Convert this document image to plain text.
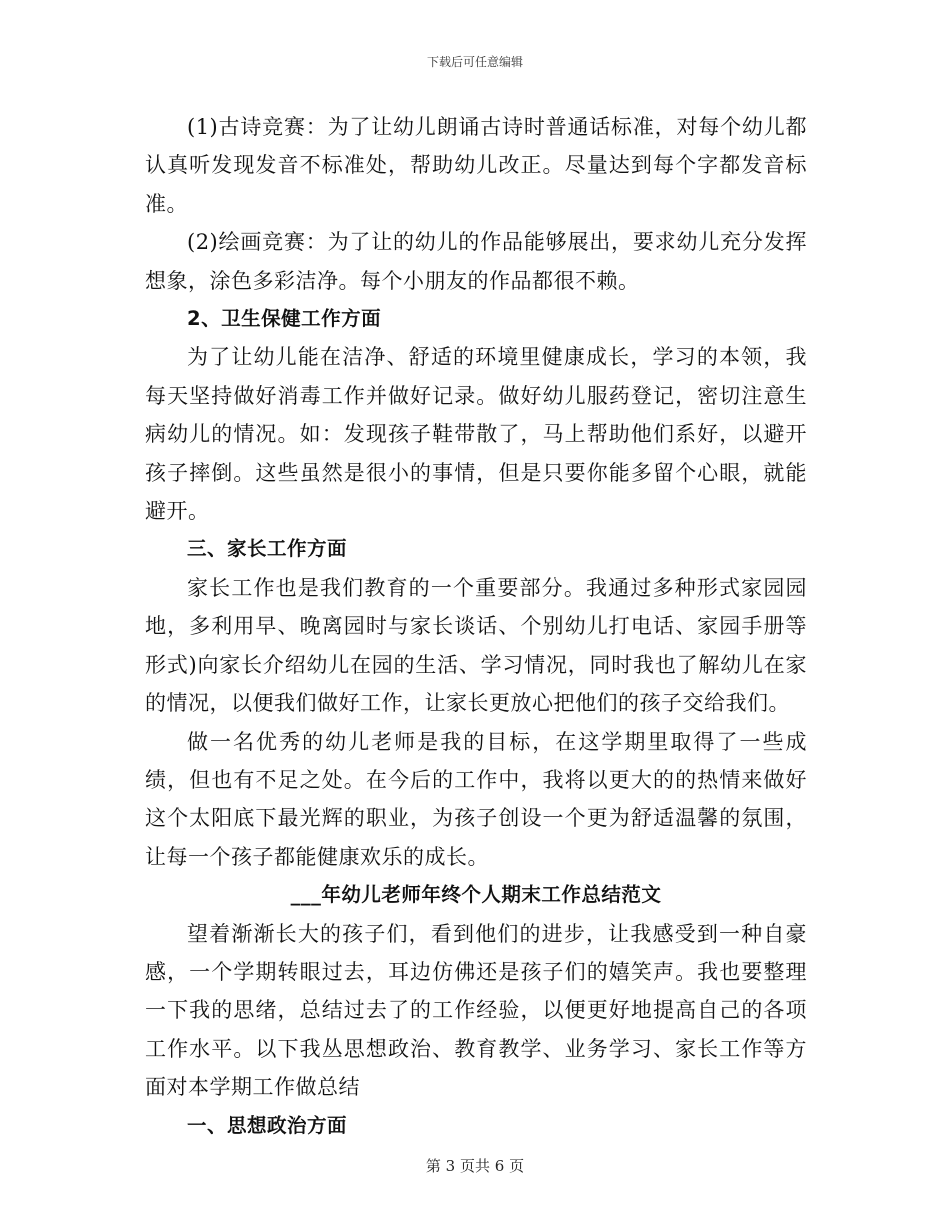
下载后可任意编辑

(1)古诗竞赛：为了让幼儿朗诵古诗时普通话标准，对每个幼儿都认真听发现发音不标准处，帮助幼儿改正。尽量达到每个字都发音标准。

(2)绘画竞赛：为了让的幼儿的作品能够展出，要求幼儿充分发挥想象，涂色多彩洁净。每个小朋友的作品都很不赖。

2、卫生保健工作方面

为了让幼儿能在洁净、舒适的环境里健康成长，学习的本领，我每天坚持做好消毒工作并做好记录。做好幼儿服药登记，密切注意生病幼儿的情况。如：发现孩子鞋带散了，马上帮助他们系好，以避开孩子摔倒。这些虽然是很小的事情，但是只要你能多留个心眼，就能避开。

三、家长工作方面

家长工作也是我们教育的一个重要部分。我通过多种形式家园园地，多利用早、晚离园时与家长谈话、个别幼儿打电话、家园手册等形式)向家长介绍幼儿在园的生活、学习情况，同时我也了解幼儿在家的情况，以便我们做好工作，让家长更放心把他们的孩子交给我们。

做一名优秀的幼儿老师是我的目标，在这学期里取得了一些成绩，但也有不足之处。在今后的工作中，我将以更大的的热情来做好这个太阳底下最光辉的职业，为孩子创设一个更为舒适温馨的氛围，让每一个孩子都能健康欢乐的成长。

___年幼儿老师年终个人期末工作总结范文

望着渐渐长大的孩子们，看到他们的进步，让我感受到一种自豪感，一个学期转眼过去，耳边仿佛还是孩子们的嬉笑声。我也要整理一下我的思绪，总结过去了的工作经验，以便更好地提高自己的各项工作水平。以下我丛思想政治、教育教学、业务学习、家长工作等方面对本学期工作做总结

一、思想政治方面

第 3 页共 6 页
